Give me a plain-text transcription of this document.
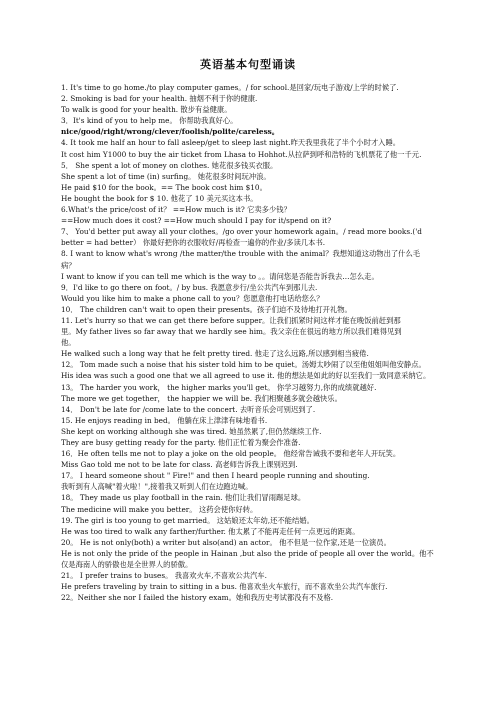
英语基本句型诵读
1. It's time to go home./to play computer games。/ for school.是回家/玩电子游戏/上学的时候了.
2. Smoking is bad for your health. 抽烟不利于你的健康.
To walk is good for your health. 散步有益健康。
3．It's kind of you to help me。 你帮助我真好心。
nice/good/right/wrong/clever/foolish/polite/careless。
4. It took me half an hour to fall asleep/get to sleep last night.昨天我里我花了半个小时才入睡。
It cost him Y1000 to buy the air ticket from Lhasa to Hohhot.从拉萨到呼和浩特的飞机票花了他一千元.
5． She spent a lot of money on clothes. 她花很多钱买衣服。
She spent a lot of time (in) surfing。 她花很多时间玩冲浪。
He paid $10 for the book。== The book cost him $10。
He bought the book for $ 10. 他花了 10 美元买这本书。
6.What's the price/cost of it？ ==How much is it? 它卖多少钱？
==How much does it cost? ==How much should I pay for it/spend on it?
7、 You'd better put away all your clothes。/go over your homework again。/ read more books.('d
better = had better） 你最好把你的衣服收好/再检查一遍你的作业/多读几本书.
8. I want to know what's wrong /the matter/the trouble with the animal？我想知道这动物出了什么毛
病？
I want to know if you can tell me which is the way to 。。请问您是否能告诉我去…怎么走。
9．I'd like to go there on foot。/ by bus. 我愿意步行/坐公共汽车到那儿去.
Would you like him to make a phone call to you？您愿意他打电话给您么？
10． The children can't wait to open their presents。孩子们迫不及待地打开礼物。
11. Let's hurry so that we can get there before supper。让我们抓紧时间这样才能在晚饭前赶到那
里。My father lives so far away that we hardly see him。我父亲住在很远的地方所以我们难得见到
他。
He walked such a long way that he felt pretty tired. 他走了这么远路,所以感到相当疲倦.
12。 Tom made such a noise that his sister told him to be quiet。汤姆太吵闹了以至他姐姐叫他安静点。
His idea was such a good one that we all agreed to use it. 他的想法是如此的好以至我们一致同意采纳它。
13。 The harder you work， the higher marks you'll get。 你学习越努力,你的成绩就越好.
The more we get together， the happier we will be. 我们相聚越多就会越快乐。
14． Don't be late for /come late to the concert. 去听音乐会可别迟到了.
15. He enjoys reading in bed。 他躺在床上津津有味地看书.
She kept on working although she was tired. 她虽然累了,但仍然继续工作.
They are busy getting ready for the party. 他们正忙着为聚会作准备.
16．He often tells me not to play a joke on the old people。 他经常告诫我不要和老年人开玩笑。
Miss Gao told me not to be late for class. 高老师告诉我上课别迟到.
17。 I heard someone shout " Fire!" and then I heard people running and shouting.
我听到有人高喊"着火啦！",接着我又听到人们在边跑边喊。
18。 They made us play football in the rain. 他们让我们冒雨踢足球。
The medicine will make you better。 这药会使你好转。
19. The girl is too young to get married。 这姑娘还太年幼,还不能结婚。
He was too tired to walk any farther/further. 他太累了不能再走任何一点更远的距离。
20。 He is not only(both) a writer but also(and) an actor。 他不但是一位作家,还是一位演员。
He is not only the pride of the people in Hainan ,but also the pride of people all over the world。他不
仅是海南人的骄傲也是全世界人的骄傲。
21。 I prefer trains to buses。 我喜欢火车,不喜欢公共汽车.
He prefers traveling by train to sitting in a bus. 他喜欢坐火车旅行，而不喜欢坐公共汽车旅行.
22。Neither she nor I failed the history exam。她和我历史考试都没有不及格.
